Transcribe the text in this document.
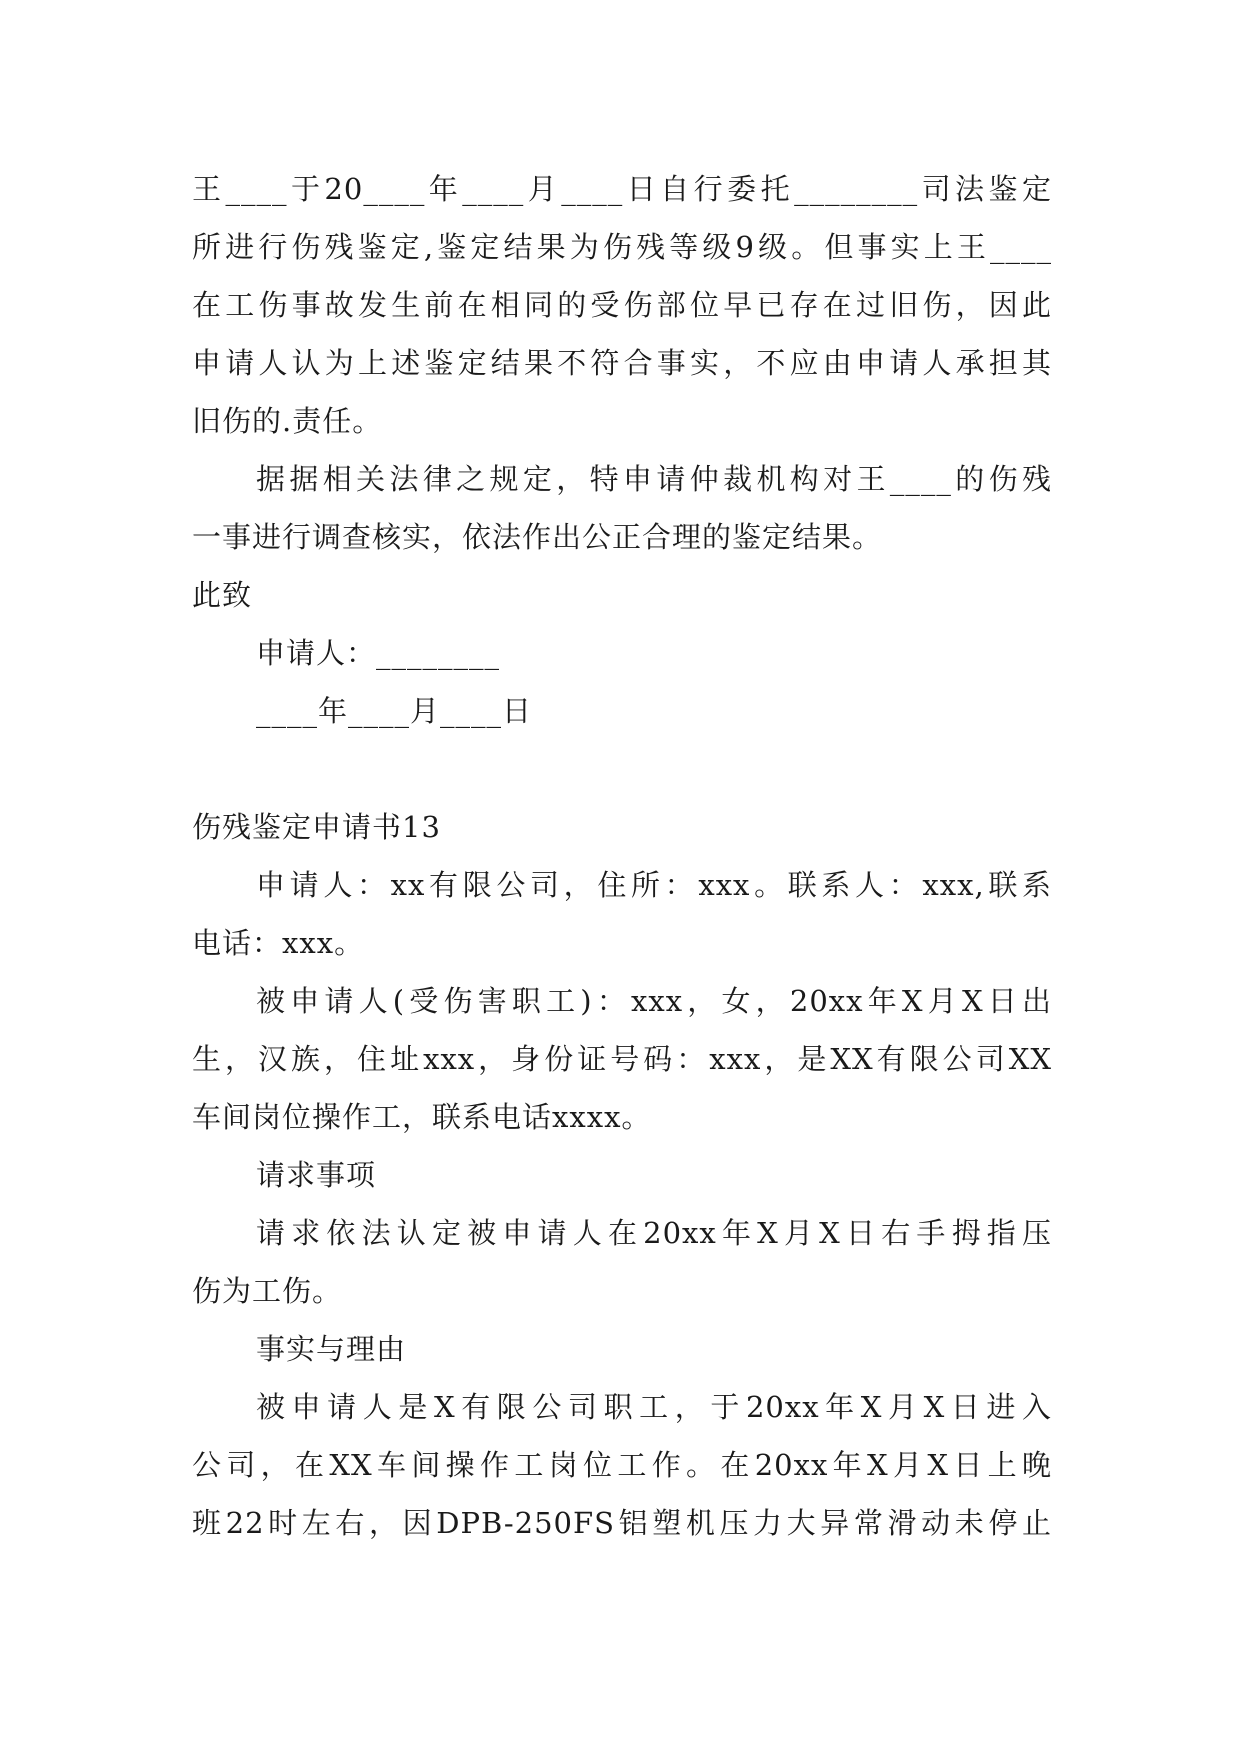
王____于20____年____月____日自行委托________司法鉴定
所进行伤残鉴定,鉴定结果为伤残等级9级。但事实上王____
在工伤事故发生前在相同的受伤部位早已存在过旧伤，因此
申请人认为上述鉴定结果不符合事实，不应由申请人承担其
旧伤的.责任。
据据相关法律之规定，特申请仲裁机构对王____的伤残
一事进行调查核实，依法作出公正合理的鉴定结果。
此致
申请人：________
____年____月____日
伤残鉴定申请书13
申请人：xx有限公司，住所：xxx。联系人：xxx,联系
电话：xxx。
被申请人(受伤害职工)：xxx，女，20xx年X月X日出
生，汉族，住址xxx，身份证号码：xxx，是XX有限公司XX
车间岗位操作工，联系电话xxxx。
请求事项
请求依法认定被申请人在20xx年X月X日右手拇指压
伤为工伤。
事实与理由
被申请人是X有限公司职工，于20xx年X月X日进入
公司，在XX车间操作工岗位工作。在20xx年X月X日上晚
班22时左右，因DPB-250FS铝塑机压力大异常滑动未停止
